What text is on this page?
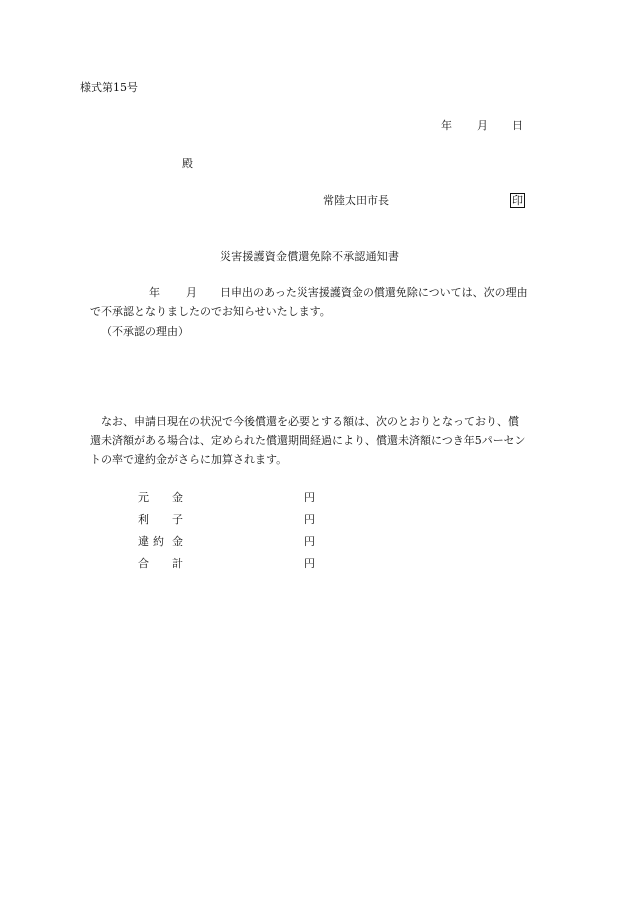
様式第15号
年 月 日
殿
常陸太田市長	印
災害援護資金償還免除不承認通知書
年 月 日申出のあった災害援護資金の償還免除については、次の理由
で不承認となりましたのでお知らせいたします。
（不承認の理由）
　なお、申請日現在の状況で今後償還を必要とする額は、次のとおりとなっており、償
還未済額がある場合は、定められた償還期間経過により、償還未済額につき年5パーセン
トの率で違約金がさらに加算されます。
元 金	円
利 子	円
違 約 金	円
合 計	円
